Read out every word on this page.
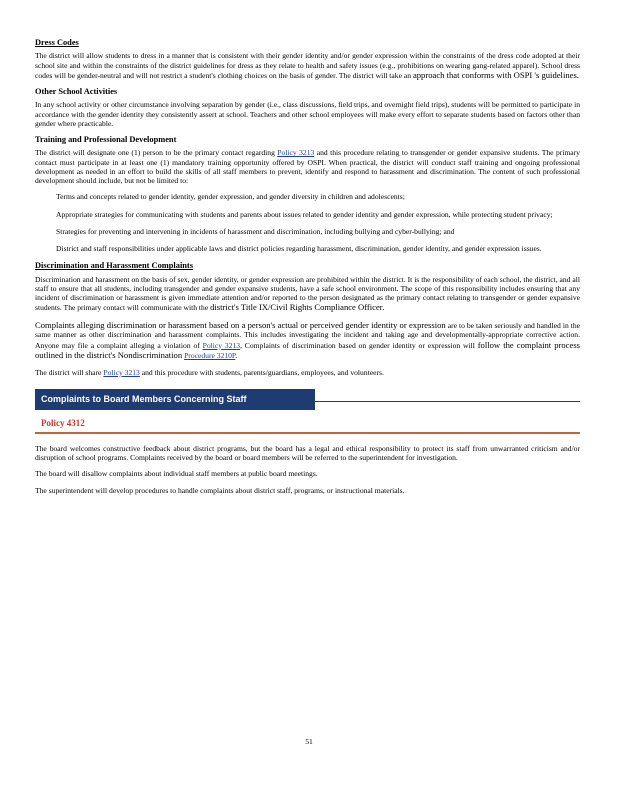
Dress Codes

The district will allow students to dress in a manner that is consistent with their gender identity and/or gender expression within the constraints of the dress code adopted at their school site and within the constraints of the district guidelines for dress as they relate to health and safety issues (e.g., prohibitions on wearing gang-related apparel). School dress codes will be gender-neutral and will not restrict a student's clothing choices on the basis of gender. The district will take an approach that conforms with OSPI 's guidelines.

Other School Activities

In any school activity or other circumstance involving separation by gender (i.e., class discussions, field trips, and overnight field trips), students will be permitted to participate in accordance with the gender identity they consistently assert at school. Teachers and other school employees will make every effort to separate students based on factors other than gender where practicable.

Training and Professional Development

The district will designate one (1) person to be the primary contact regarding Policy 3213 and this procedure relating to transgender or gender expansive students. The primary contact must participate in at least one (1) mandatory training opportunity offered by OSPI. When practical, the district will conduct staff training and ongoing professional development as needed in an effort to build the skills of all staff members to prevent, identify and respond to harassment and discrimination. The content of such professional development should include, but not be limited to:

Terms and concepts related to gender identity, gender expression, and gender diversity in children and adolescents;
Appropriate strategies for communicating with students and parents about issues related to gender identity and gender expression, while protecting student privacy;
Strategies for preventing and intervening in incidents of harassment and discrimination, including bullying and cyber-bullying; and
District and staff responsibilities under applicable laws and district policies regarding harassment, discrimination, gender identity, and gender expression issues.
Discrimination and Harassment Complaints

Discrimination and harassment on the basis of sex, gender identity, or gender expression are prohibited within the district. It is the responsibility of each school, the district, and all staff to ensure that all students, including transgender and gender expansive students, have a safe school environment. The scope of this responsibility includes ensuring that any incident of discrimination or harassment is given immediate attention and/or reported to the person designated as the primary contact relating to transgender or gender expansive students. The primary contact will communicate with the district's Title IX/Civil Rights Compliance Officer.

Complaints alleging discrimination or harassment based on a person's actual or perceived gender identity or expression are to be taken seriously and handled in the same manner as other discrimination and harassment complaints. This includes investigating the incident and taking age and developmentally-appropriate corrective action. Anyone may file a complaint alleging a violation of Policy 3213, Complaints of discrimination based on gender identity or expression will follow the complaint process outlined in the district's Nondiscrimination Procedure 3210P.

The district will share Policy 3213 and this procedure with students, parents/guardians, employees, and volunteers.

Complaints to Board Members Concerning Staff
Policy 4312

The board welcomes constructive feedback about district programs, but the board has a legal and ethical responsibility to protect its staff from unwarranted criticism and/or disruption of school programs. Complaints received by the board or board members will be referred to the superintendent for investigation.

The board will disallow complaints about individual staff members at public board meetings.

The superintendent will develop procedures to handle complaints about district staff, programs, or instructional materials.

51
